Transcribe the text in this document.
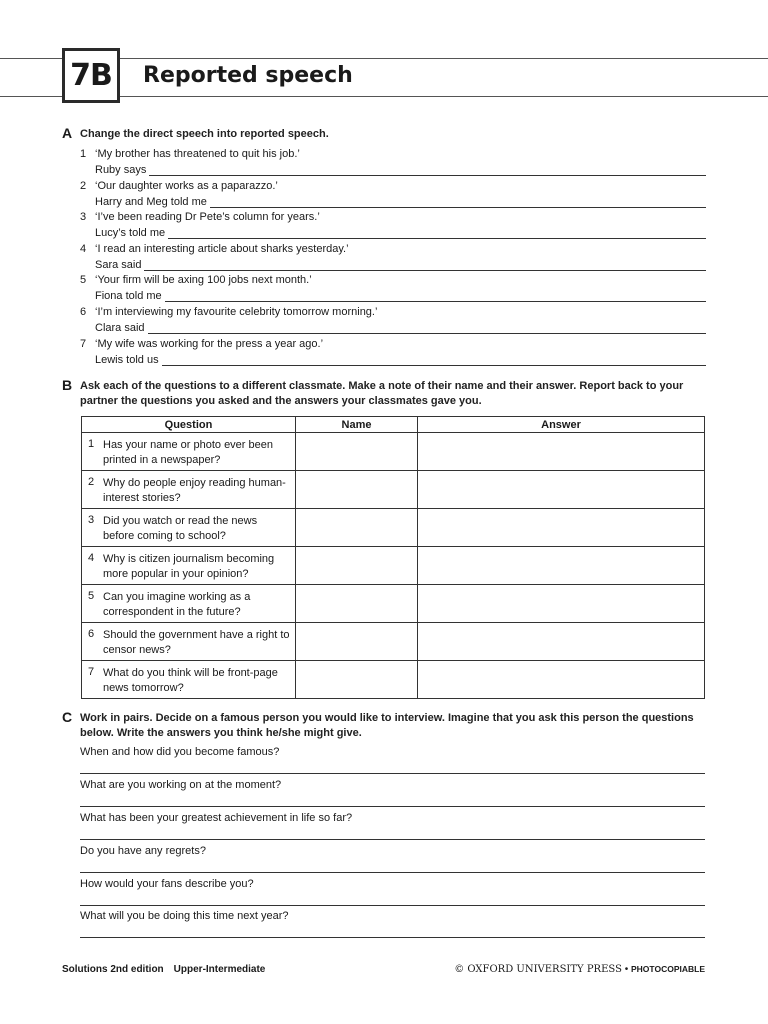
7B Reported speech
A Change the direct speech into reported speech.
1 ‘My brother has threatened to quit his job.’
Ruby says
2 ‘Our daughter works as a paparazzo.’
Harry and Meg told me
3 ‘I’ve been reading Dr Pete’s column for years.’
Lucy’s told me
4 ‘I read an interesting article about sharks yesterday.’
Sara said
5 ‘Your firm will be axing 100 jobs next month.’
Fiona told me
6 ‘I’m interviewing my favourite celebrity tomorrow morning.’
Clara said
7 ‘My wife was working for the press a year ago.’
Lewis told us
B Ask each of the questions to a different classmate. Make a note of their name and their answer. Report back to your partner the questions you asked and the answers your classmates gave you.
Question	Name	Answer

1 Has your name or photo ever been printed in a newspaper?		

2 Why do people enjoy reading human-interest stories?		

3 Did you watch or read the news before coming to school?		

4 Why is citizen journalism becoming more popular in your opinion?		

5 Can you imagine working as a correspondent in the future?		

6 Should the government have a right to censor news?		

7 What do you think will be front-page news tomorrow?		

C Work in pairs. Decide on a famous person you would like to interview. Imagine that you ask this person the questions below. Write the answers you think he/she might give.
When and how did you become famous?
What are you working on at the moment?
What has been your greatest achievement in life so far?
Do you have any regrets?
How would your fans describe you?
What will you be doing this time next year?
Solutions 2nd edition Upper-Intermediate	© OXFORD UNIVERSITY PRESS • PHOTOCOPIABLE
